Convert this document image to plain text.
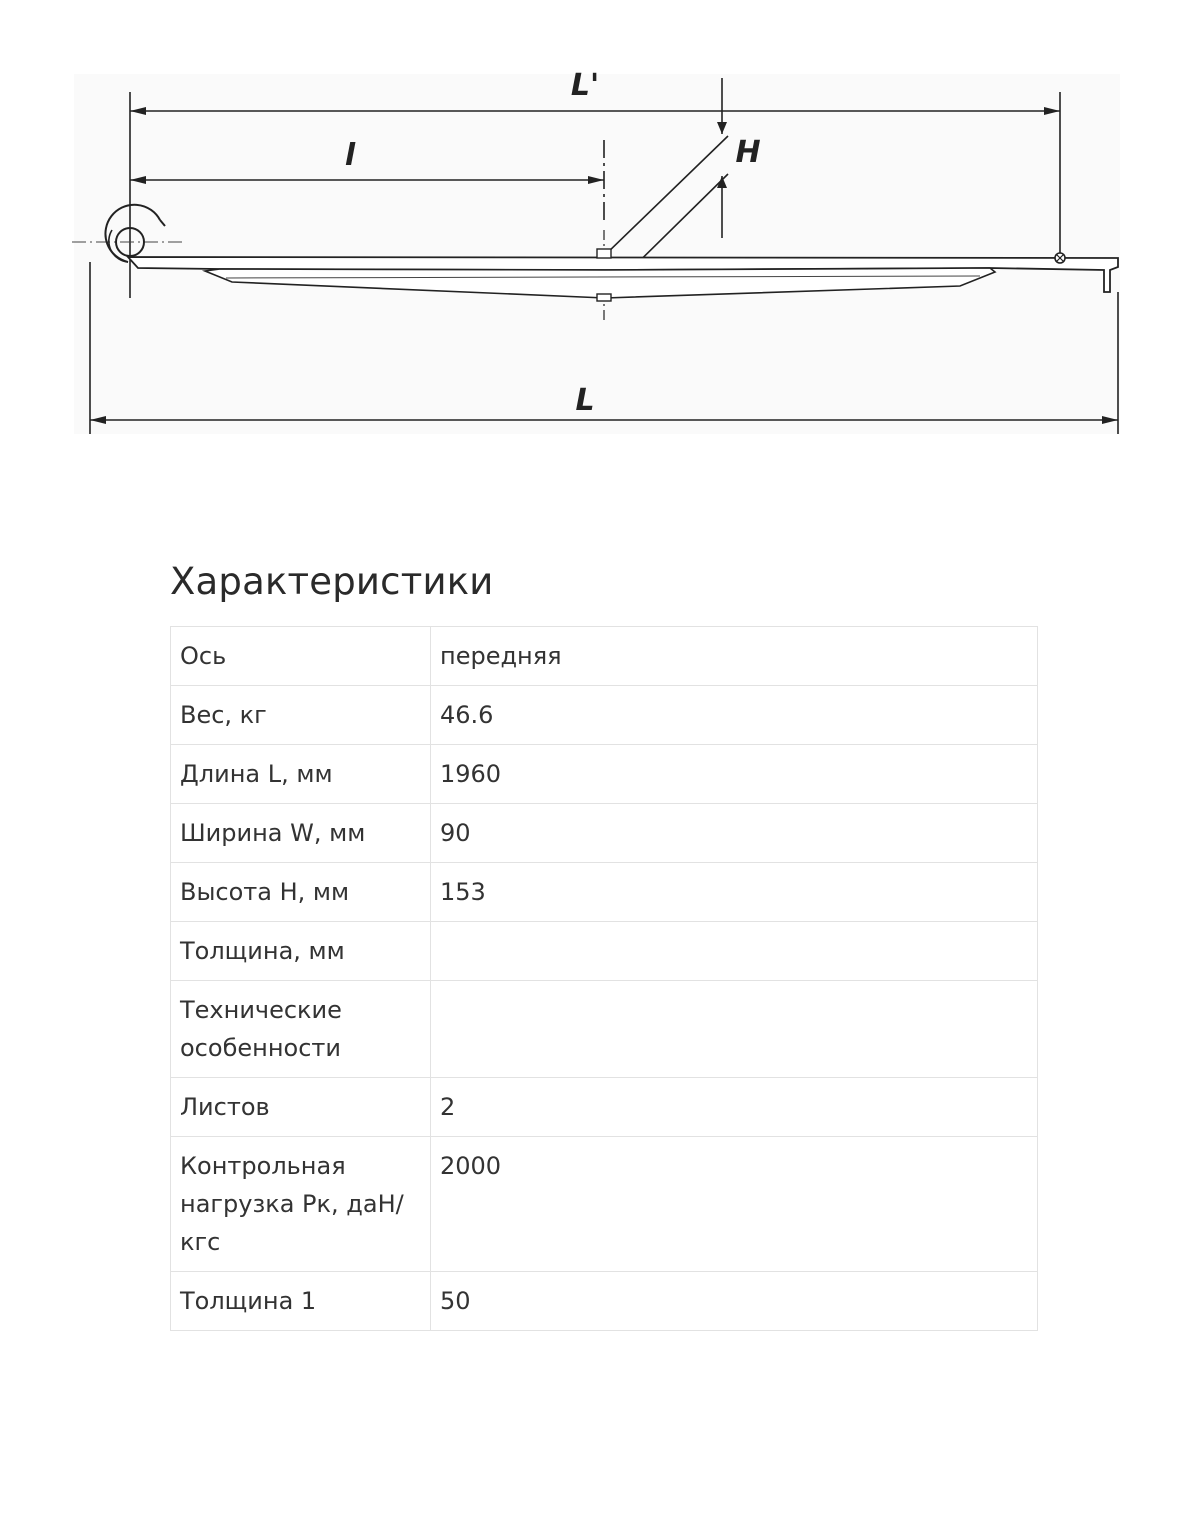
L'
l	H
L
Характеристики
Ось	передняя
Вес, кг	46.6
Длина L, мм	1960
Ширина W, мм	90
Высота H, мм	153
Толщина, мм	
Технические особенности	
Листов	2
Контрольная нагрузка Рк, даН/кгс	2000
Толщина 1	50
